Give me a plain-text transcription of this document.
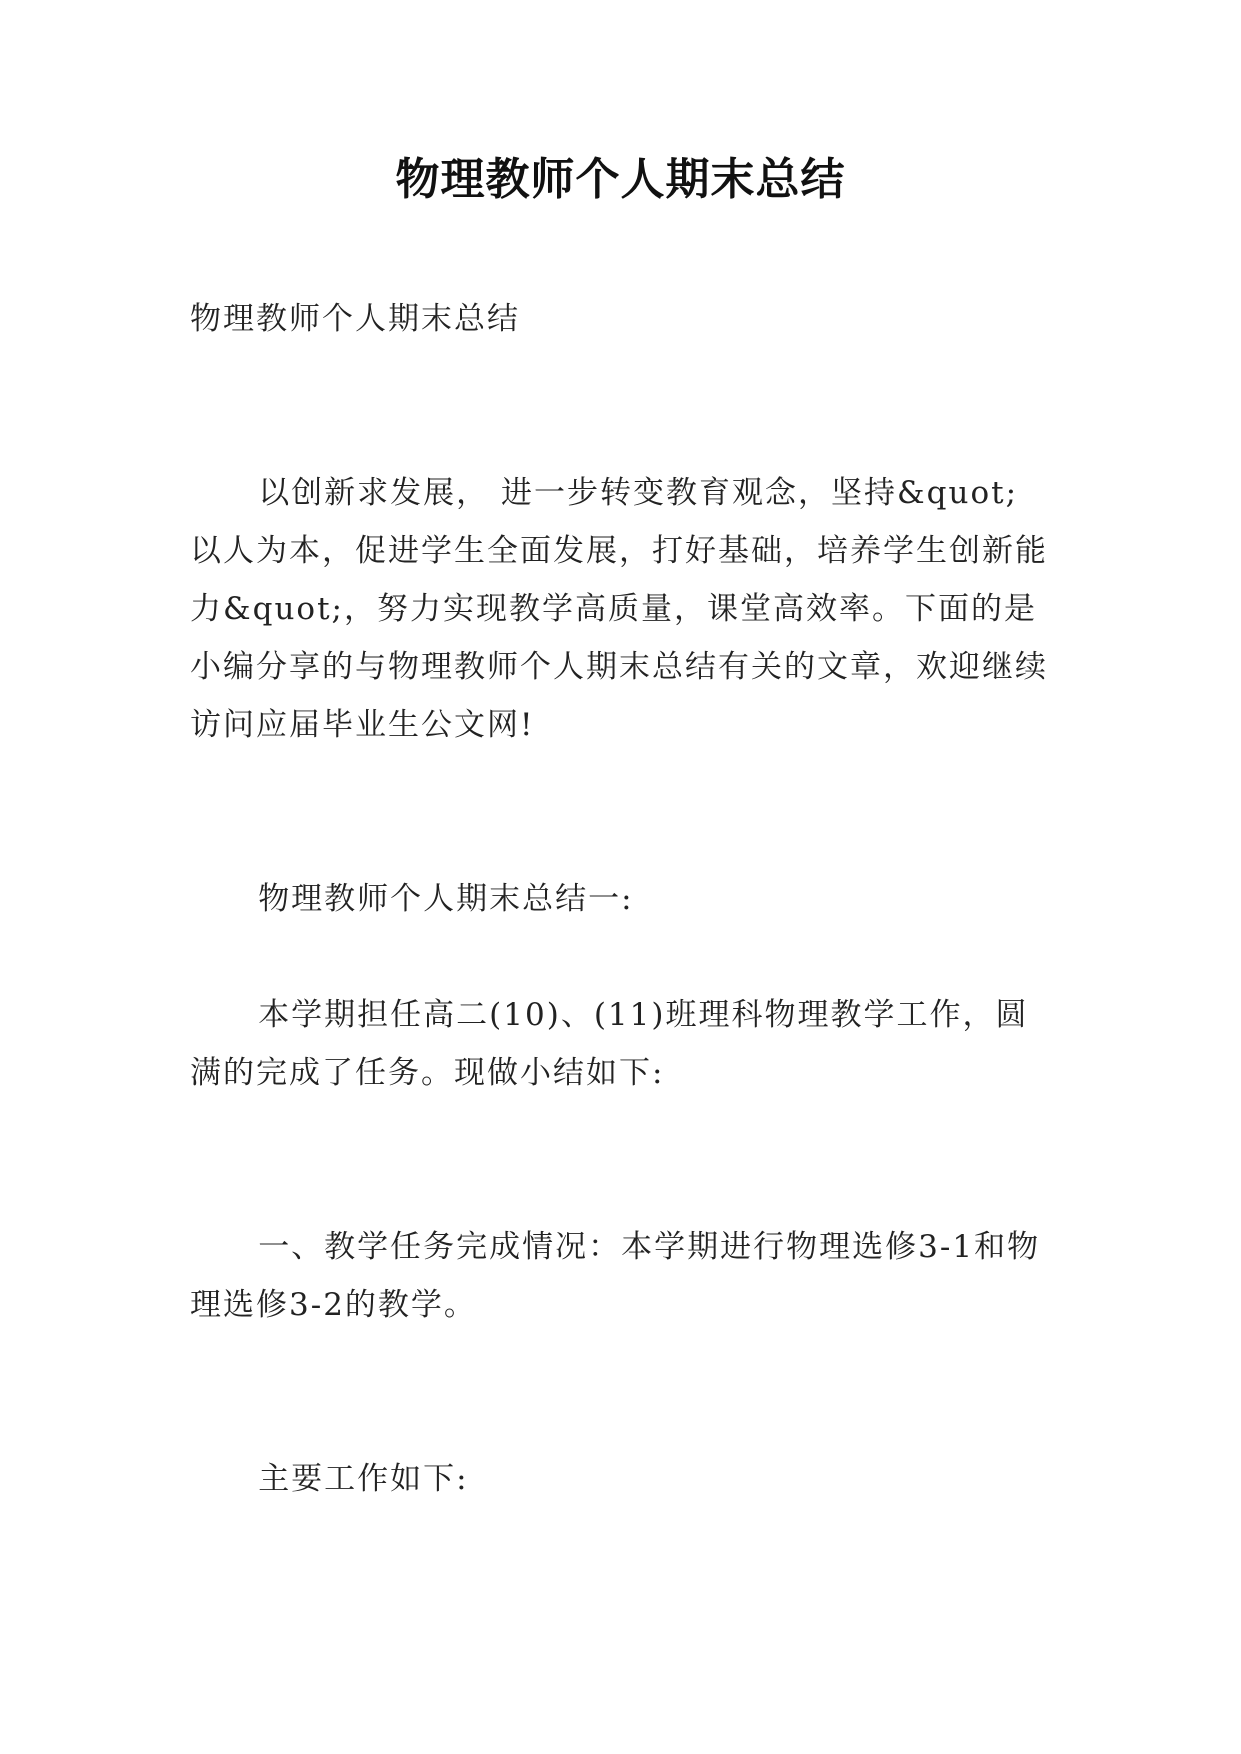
物理教师个人期末总结

物理教师个人期末总结

以创新求发展， 进一步转变教育观念，坚持&quot;以人为本，促进学生全面发展，打好基础，培养学生创新能力&quot;，努力实现教学高质量，课堂高效率。下面的是小编分享的与物理教师个人期末总结有关的文章，欢迎继续访问应届毕业生公文网!

物理教师个人期末总结一:

本学期担任高二(10)、(11)班理科物理教学工作，圆满的完成了任务。现做小结如下:

一、教学任务完成情况：本学期进行物理选修3-1和物理选修3-2的教学。

主要工作如下:
